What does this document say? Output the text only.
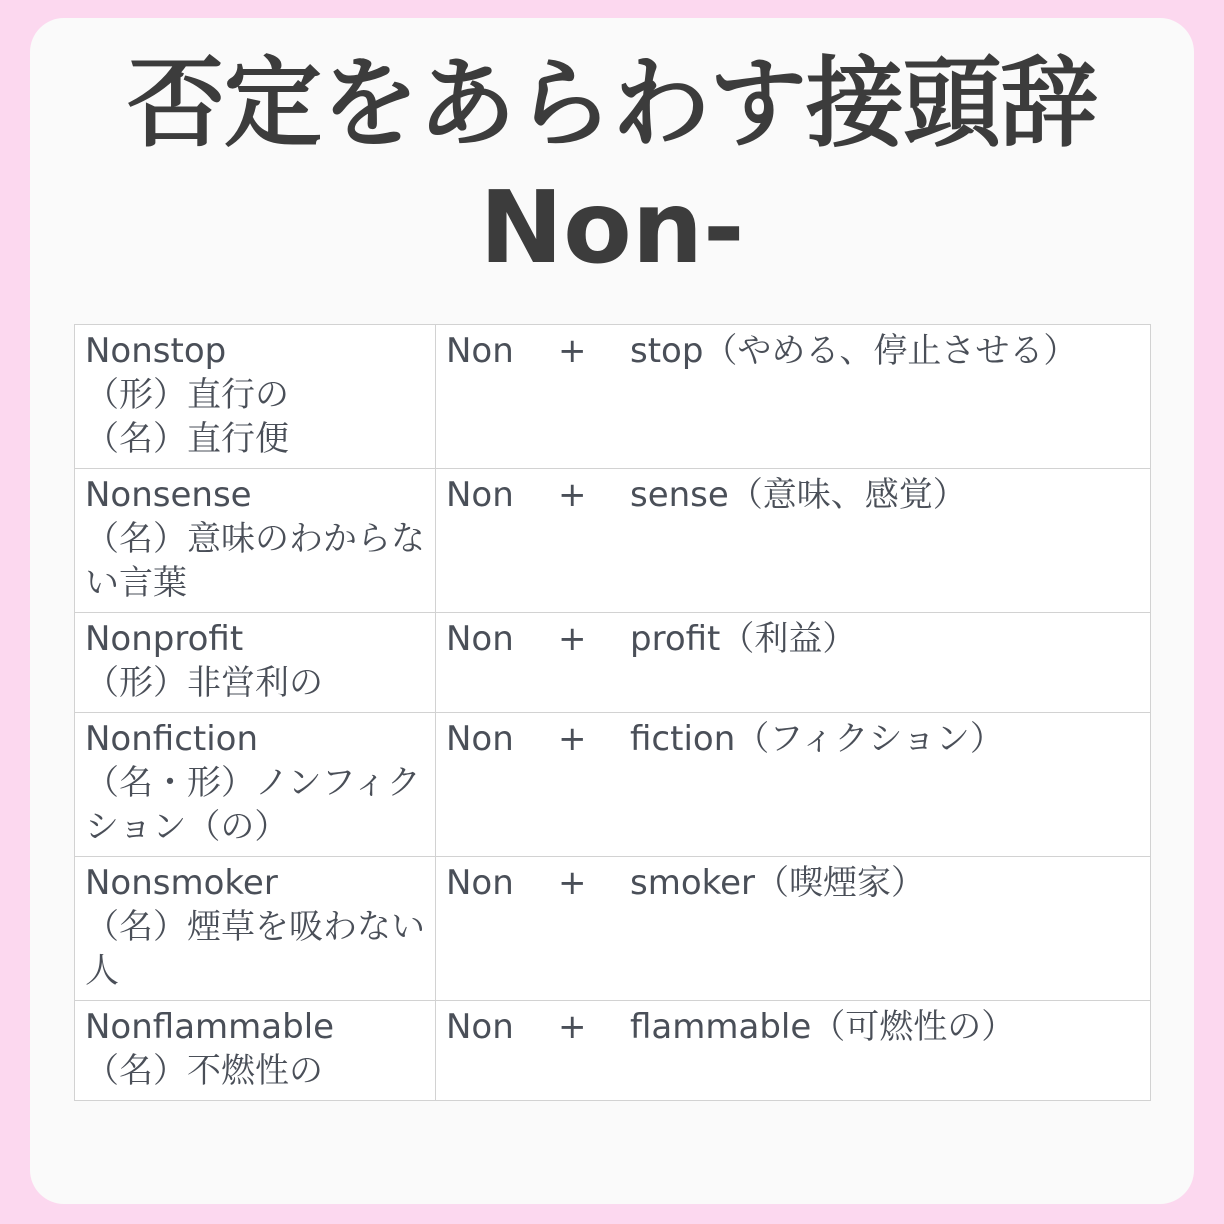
否定をあらわす接頭辞
Non-
Nonstop
（形）直行の
（名）直行便	Non + stop（やめる、停止させる）

Nonsense
（名）意味のわからない言葉	Non + sense（意味、感覚）

Nonprofit
（形）非営利の	Non + profit（利益）

Nonfiction
（名・形）ノンフィクション（の）	Non + fiction（フィクション）

Nonsmoker
（名）煙草を吸わない人	Non + smoker（喫煙家）

Nonflammable
（名）不燃性の	Non + flammable（可燃性の）
